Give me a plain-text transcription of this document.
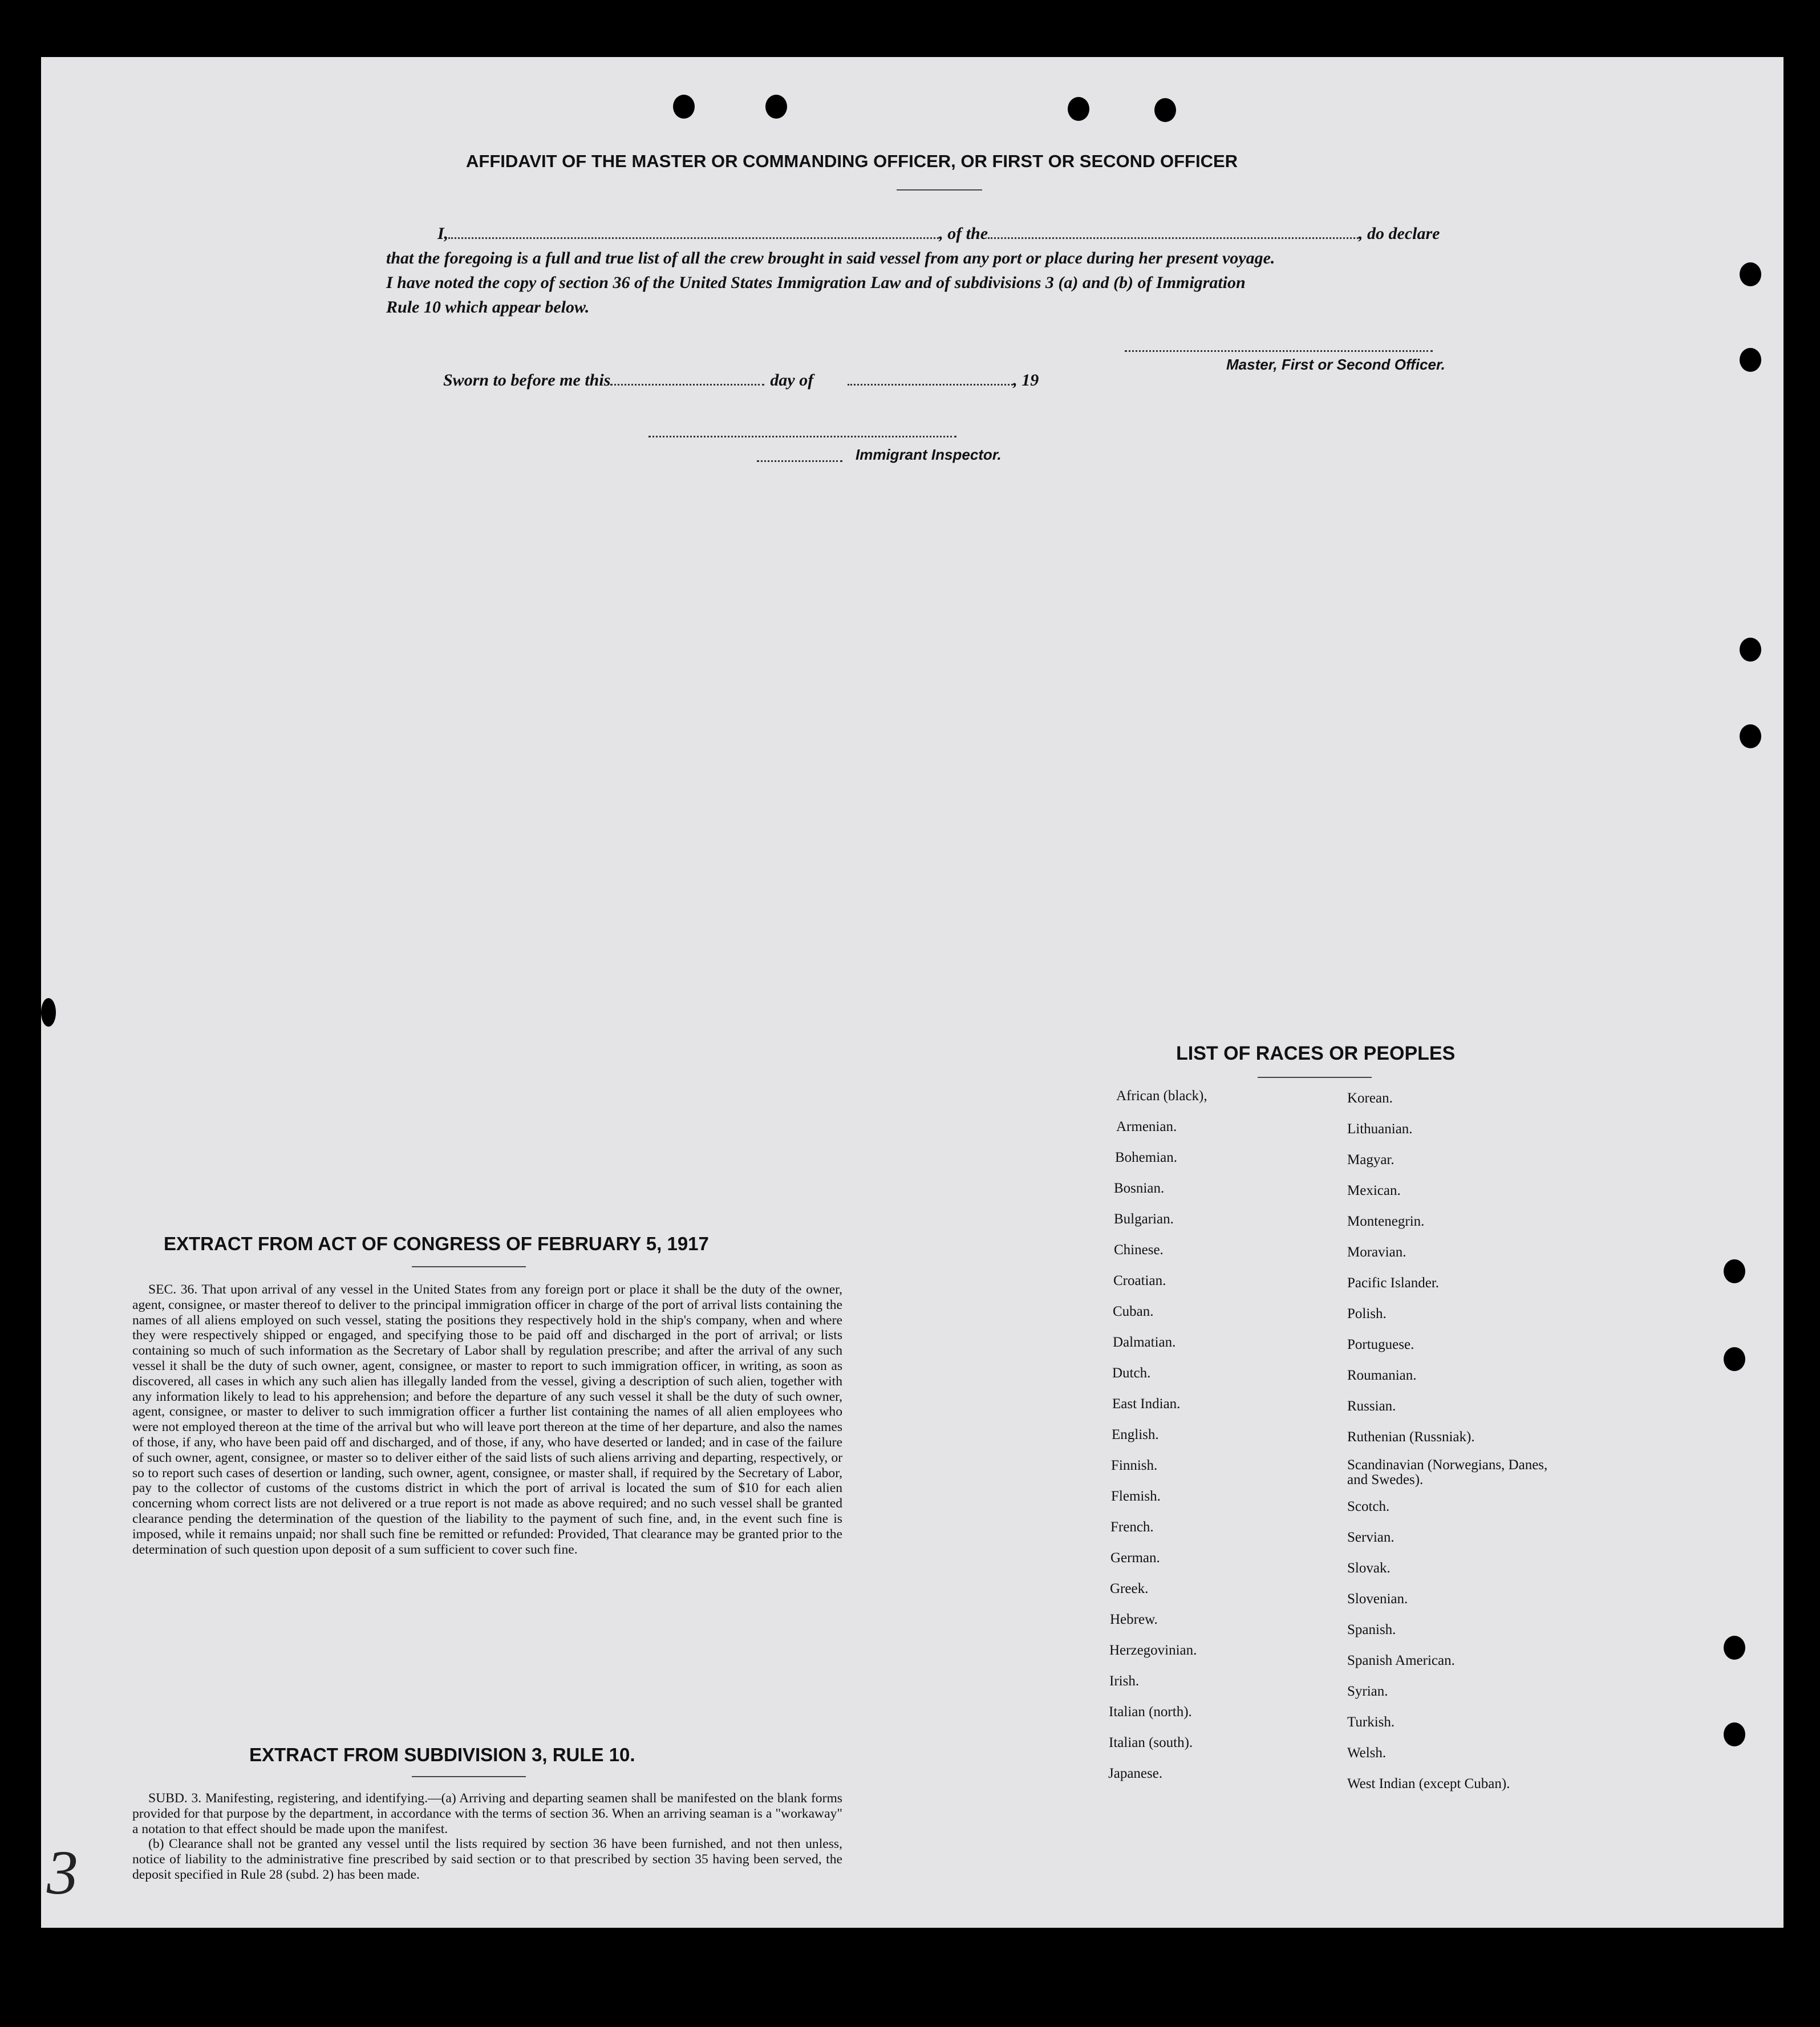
AFFIDAVIT OF THE MASTER OR COMMANDING OFFICER, OR FIRST OR SECOND OFFICER
I,	, of the	, do declare
that the foregoing is a full and true list of all the crew brought in said vessel from any port or place during her present voyage.
I have noted the copy of section 36 of the United States Immigration Law and of subdivisions 3 (a) and (b) of Immigration
Rule 10 which appear below.
Master, First or Second Officer.
Sworn to before me this	day of	, 19
Immigrant Inspector.
LIST OF RACES OR PEOPLES
African (black),
Armenian.
Bohemian.
Bosnian.
Bulgarian.
Chinese.
Croatian.
Cuban.
Dalmatian.
Dutch.
East Indian.
English.
Finnish.
Flemish.
French.
German.
Greek.
Hebrew.
Herzegovinian.
Irish.
Italian (north).
Italian (south).
Japanese.
Korean.
Lithuanian.
Magyar.
Mexican.
Montenegrin.
Moravian.
Pacific Islander.
Polish.
Portuguese.
Roumanian.
Russian.
Ruthenian (Russniak).
Scandinavian (Norwegians, Danes, and Swedes).
Scotch.
Servian.
Slovak.
Slovenian.
Spanish.
Spanish American.
Syrian.
Turkish.
Welsh.
West Indian (except Cuban).
EXTRACT FROM ACT OF CONGRESS OF FEBRUARY 5, 1917

SEC. 36. That upon arrival of any vessel in the United States from any foreign port or place it shall be the duty of the owner, agent, consignee, or master thereof to deliver to the principal immigration officer in charge of the port of arrival lists containing the names of all aliens employed on such vessel, stating the positions they respectively hold in the ship's company, when and where they were respectively shipped or engaged, and specifying those to be paid off and discharged in the port of arrival; or lists containing so much of such information as the Secretary of Labor shall by regulation prescribe; and after the arrival of any such vessel it shall be the duty of such owner, agent, consignee, or master to report to such immigration officer, in writing, as soon as discovered, all cases in which any such alien has illegally landed from the vessel, giving a description of such alien, together with any information likely to lead to his apprehension; and before the departure of any such vessel it shall be the duty of such owner, agent, consignee, or master to deliver to such immigration officer a further list containing the names of all alien employees who were not employed thereon at the time of the arrival but who will leave port thereon at the time of her departure, and also the names of those, if any, who have been paid off and discharged, and of those, if any, who have deserted or landed; and in case of the failure of such owner, agent, consignee, or master so to deliver either of the said lists of such aliens arriving and departing, respectively, or so to report such cases of desertion or landing, such owner, agent, consignee, or master shall, if required by the Secretary of Labor, pay to the collector of customs of the customs district in which the port of arrival is located the sum of $10 for each alien concerning whom correct lists are not delivered or a true report is not made as above required; and no such vessel shall be granted clearance pending the determination of the question of the liability to the payment of such fine, and, in the event such fine is imposed, while it remains unpaid; nor shall such fine be remitted or refunded: Provided, That clearance may be granted prior to the determination of such question upon deposit of a sum sufficient to cover such fine.

EXTRACT FROM SUBDIVISION 3, RULE 10.

SUBD. 3. Manifesting, registering, and identifying.—(a) Arriving and departing seamen shall be manifested on the blank forms provided for that purpose by the department, in accordance with the terms of section 36. When an arriving seaman is a "workaway" a notation to that effect should be made upon the manifest.

(b) Clearance shall not be granted any vessel until the lists required by section 36 have been furnished, and not then unless, notice of liability to the administrative fine prescribed by said section or to that prescribed by section 35 having been served, the deposit specified in Rule 28 (subd. 2) has been made.

3
